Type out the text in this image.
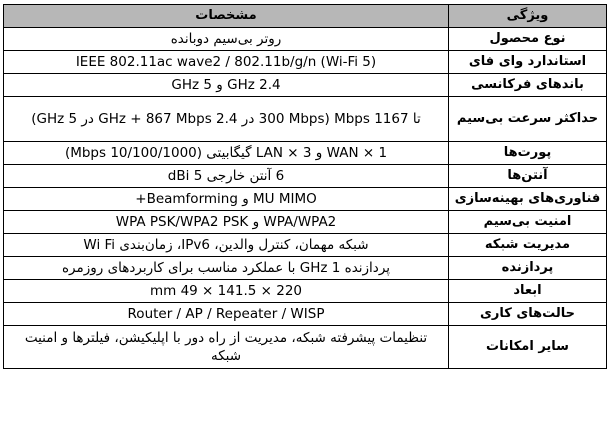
ویژگی	مشخصات
نوع محصول	روتر بی‌سیم دوبانده
استاندارد وای فای	IEEE 802.11ac wave2 / 802.11b/g/n (Wi-Fi 5)
باندهای فرکانسی	2.4 GHz و 5 GHz
حداکثر سرعت بی‌سیم	تا 1167 Mbps (300 Mbps در 2.4 GHz + 867 Mbps در 5 GHz)
پورت‌ها	1 × WAN و 3 × LAN گیگابیتی (10/100/1000 Mbps)
آنتن‌ها	6 آنتن خارجی 5 dBi
فناوری‌های بهینه‌سازی	MU MIMO و Beamforming+
امنیت بی‌سیم	WPA/WPA2 و WPA PSK/WPA2 PSK
مدیریت شبکه	شبکه مهمان، کنترل والدین، IPv6، زمان‌بندی Wi Fi
پردازنده	پردازنده 1 GHz با عملکرد مناسب برای کاربردهای روزمره
ابعاد	220 × 141.5 × 49 mm
حالت‌های کاری	Router / AP / Repeater / WISP
سایر امکانات	تنظیمات پیشرفته شبکه، مدیریت از راه دور با اپلیکیشن، فیلترها و امنیت شبکه
